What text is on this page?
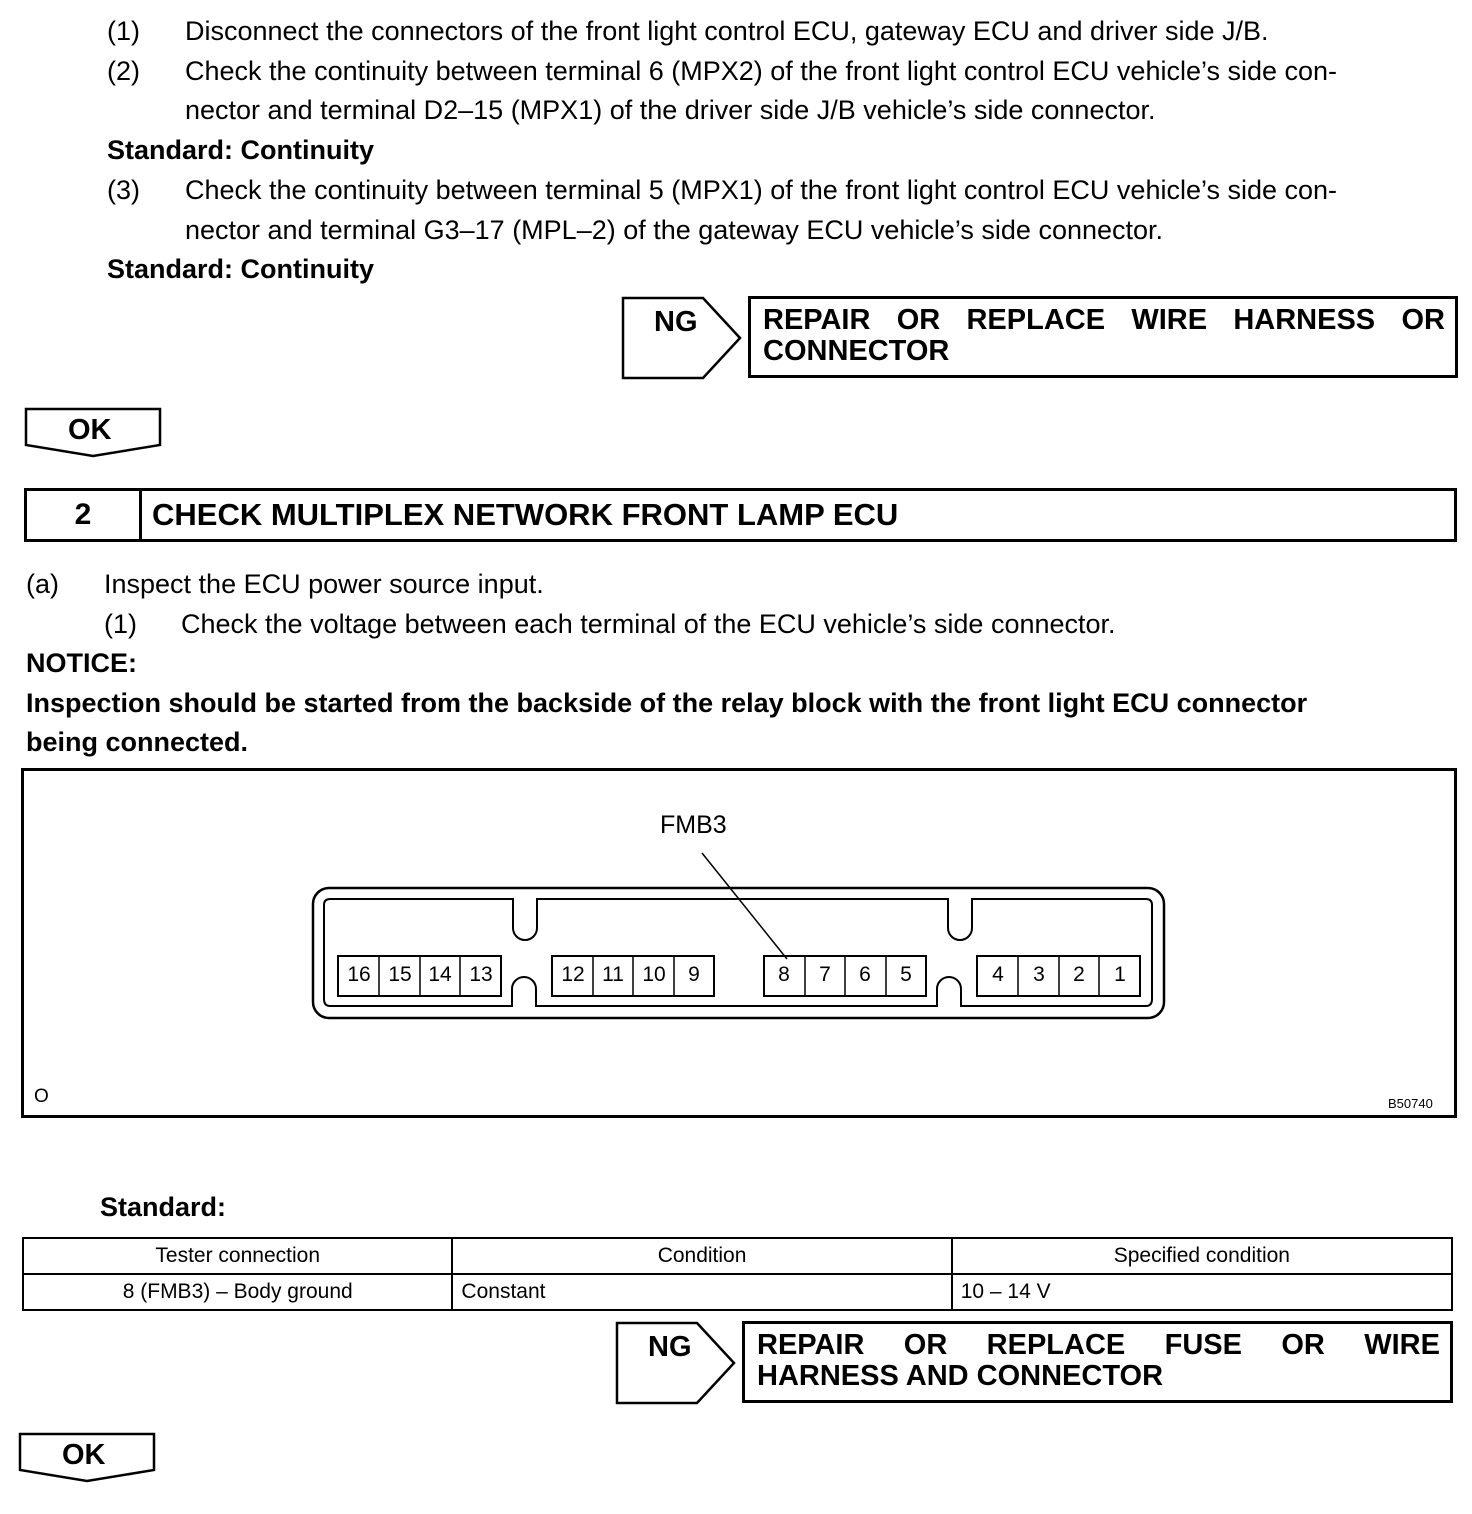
(1) Disconnect the connectors of the front light control ECU, gateway ECU and driver side J/B.
(2) Check the continuity between terminal 6 (MPX2) of the front light control ECU vehicle’s side con-
nector and terminal D2–15 (MPX1) of the driver side J/B vehicle’s side connector.
Standard: Continuity
(3) Check the continuity between terminal 5 (MPX1) of the front light control ECU vehicle’s side con-
nector and terminal G3–17 (MPL–2) of the gateway ECU vehicle’s side connector.
Standard: Continuity
NG REPAIR OR REPLACE WIRE HARNESS OR
CONNECTOR
OK
2	CHECK MULTIPLEX NETWORK FRONT LAMP ECU
(a) Inspect the ECU power source input.
(1) Check the voltage between each terminal of the ECU vehicle’s side connector.
NOTICE:
Inspection should be started from the backside of the relay block with the front light ECU connector
being connected.
FMB3
16 15 14 13	12 11 10	9	8	7	6	5	4	3	2	1
O	B50740
Standard:
Tester connection	Condition	Specified condition
8 (FMB3) – Body ground	Constant	10 – 14 V
NG REPAIR OR REPLACE FUSE OR WIRE
HARNESS AND CONNECTOR
OK
